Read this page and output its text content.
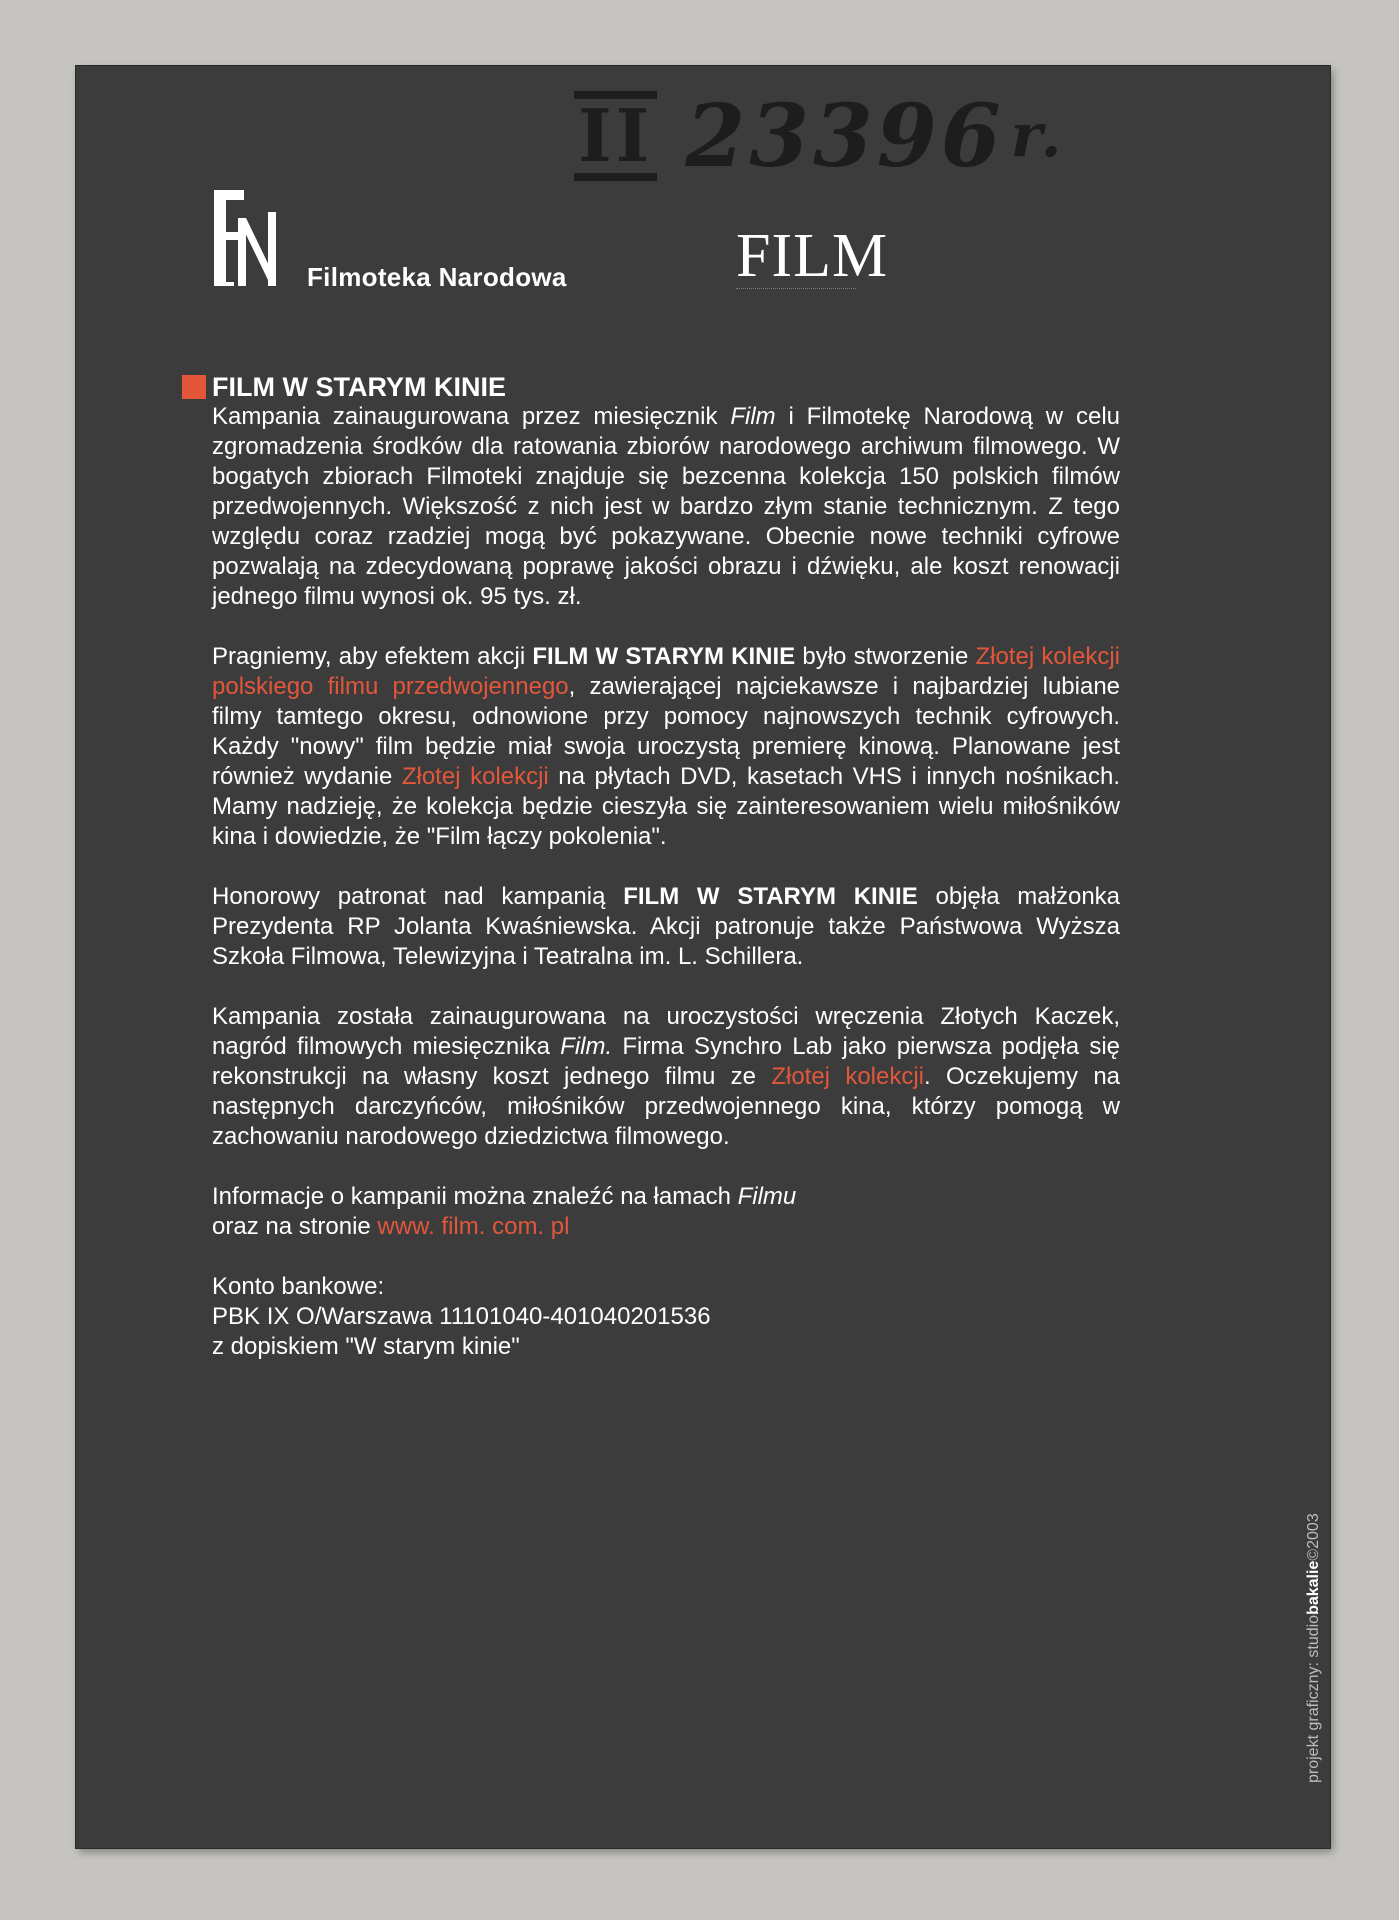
II 23396 r.
Filmoteka Narodowa	FILM
FILM W STARYM KINIE

Kampania zainaugurowana przez miesięcznik Film i Filmotekę Narodową w celu zgromadzenia środków dla ratowania zbiorów narodowego archiwum filmowego. W bogatych zbiorach Filmoteki znajduje się bezcenna kolekcja 150 polskich filmów przedwojennych. Większość z nich jest w bardzo złym stanie technicznym. Z tego względu coraz rzadziej mogą być pokazywane. Obecnie nowe techniki cyfrowe pozwalają na zdecydowaną poprawę jakości obrazu i dźwięku, ale koszt renowacji jednego filmu wynosi ok. 95 tys. zł.

Pragniemy, aby efektem akcji FILM W STARYM KINIE było stworzenie Złotej kolekcji polskiego filmu przedwojennego, zawierającej najciekawsze i najbardziej lubiane filmy tamtego okresu, odnowione przy pomocy najnowszych technik cyfrowych. Każdy "nowy" film będzie miał swoja uroczystą premierę kinową. Planowane jest również wydanie Złotej kolekcji na płytach DVD, kasetach VHS i innych nośnikach. Mamy nadzieję, że kolekcja będzie cieszyła się zainteresowaniem wielu miłośników kina i dowiedzie, że "Film łączy pokolenia".

Honorowy patronat nad kampanią FILM W STARYM KINIE objęła małżonka Prezydenta RP Jolanta Kwaśniewska. Akcji patronuje także Państwowa Wyższa Szkoła Filmowa, Telewizyjna i Teatralna im. L. Schillera.

Kampania została zainaugurowana na uroczystości wręczenia Złotych Kaczek, nagród filmowych miesięcznika Film. Firma Synchro Lab jako pierwsza podjęła się rekonstrukcji na własny koszt jednego filmu ze Złotej kolekcji. Oczekujemy na następnych darczyńców, miłośników przedwojennego kina, którzy pomogą w zachowaniu narodowego dziedzictwa filmowego.

Informacje o kampanii można znaleźć na łamach Filmu
oraz na stronie www. film. com. pl

Konto bankowe:
PBK IX O/Warszawa 11101040-401040201536
z dopiskiem "W starym kinie"

projekt graficzny: studiobakalie©2003
